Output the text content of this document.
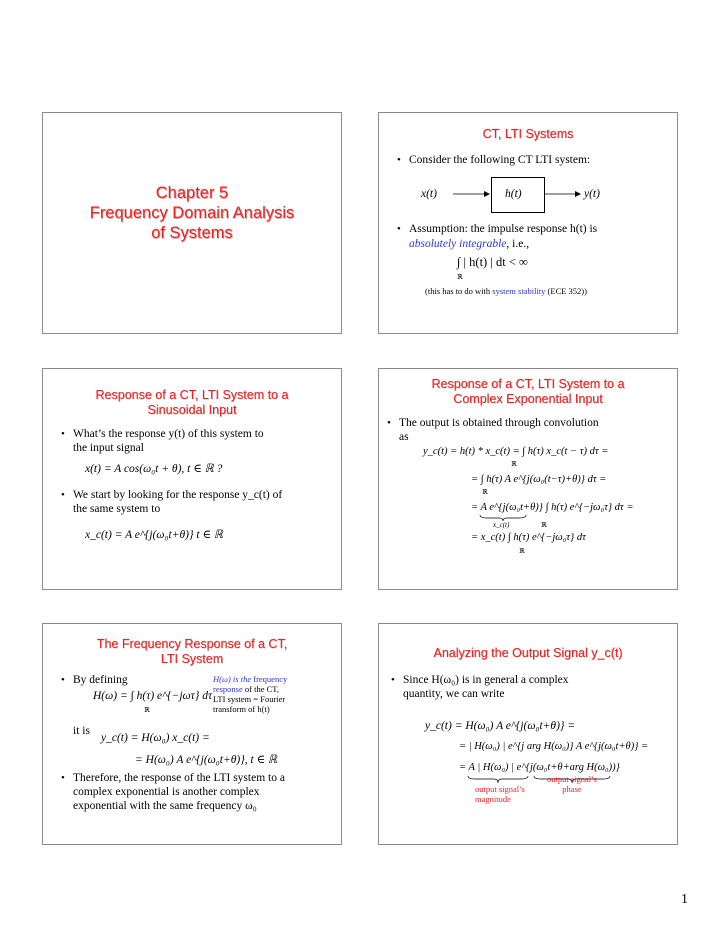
Chapter 5
Frequency Domain Analysis
of Systems
CT, LTI Systems
• Consider the following CT LTI system:
x(t)	h(t)	y(t)
• Assumption: the impulse response h(t) is
absolutely integrable, i.e.,
∫ | h(t) | dt < ∞
ℝ
(this has to do with system stability (ECE 352))
Response of a CT, LTI System to a
Sinusoidal Input
• What’s the response y(t) of this system to
the input signal
x(t) = A cos(ω₀t + θ), t ∈ ℝ ?
• We start by looking for the response y_c(t) of
the same system to
x_c(t) = A e^{j(ω₀t+θ)} t ∈ ℝ
Response of a CT, LTI System to a
Complex Exponential Input
• The output is obtained through convolution
as
y_c(t) = h(t) * x_c(t) = ∫ h(τ) x_c(t − τ) dτ =
ℝ
= ∫ h(τ) A e^{j(ω₀(t−τ)+θ)} dτ =
ℝ
= A e^{j(ω₀t+θ)} ∫ h(τ) e^{−jω₀τ} dτ =
x_c(t)	ℝ
= x_c(t) ∫ h(τ) e^{−jω₀τ} dτ
ℝ
The Frequency Response of a CT,
LTI System
• By defining
H(ω) = ∫ h(τ) e^{−jωτ} dτ
ℝ
H(ω) is the frequency
response of the CT,
LTI system = Fourier
transform of h(t)
it is
y_c(t) = H(ω₀) x_c(t) =
= H(ω₀) A e^{j(ω₀t+θ)}, t ∈ ℝ
• Therefore, the response of the LTI system to a
complex exponential is another complex
exponential with the same frequency ω₀
Analyzing the Output Signal y_c(t)
• Since H(ω₀) is in general a complex
quantity, we can write
y_c(t) = H(ω₀) A e^{j(ω₀t+θ)} =
= | H(ω₀) | e^{j arg H(ω₀)} A e^{j(ω₀t+θ)} =
= A | H(ω₀) | e^{j(ω₀t+θ+arg H(ω₀))}
output signal’s
magnitude
output signal’s
phase
1
